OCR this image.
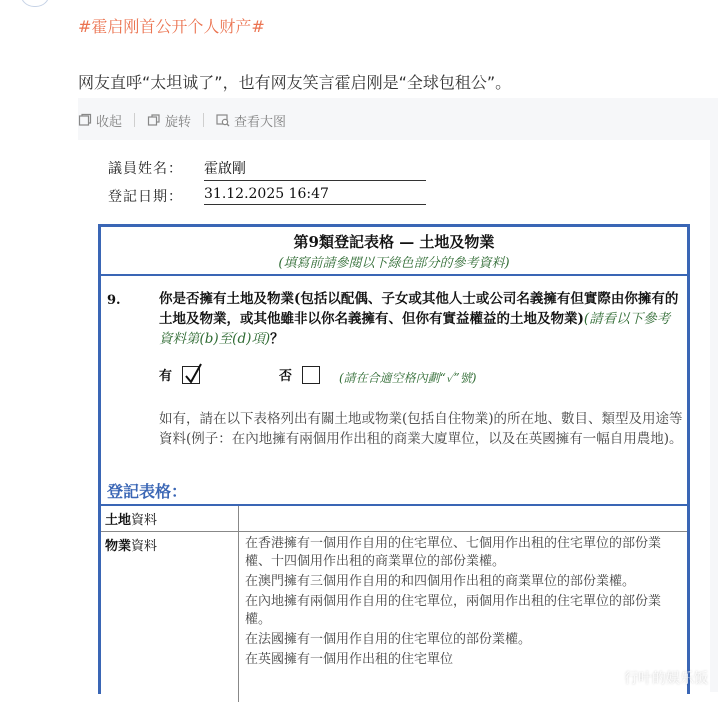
#霍启刚首公开个人财产#
网友直呼“太坦诚了”，也有网友笑言霍启刚是“全球包租公”。
收起	旋转	查看大图
議員姓名： 霍啟剛
登記日期： 31.12.2025 16:47
第9類登記表格 — 土地及物業
(填寫前請參閱以下綠色部分的參考資料)
9.	你是否擁有土地及物業(包括以配偶、子女或其他人士或公司名義擁有但實際由你擁有的土地及物業，或其他雖非以你名義擁有、但你有實益權益的土地及物業)(請看以下參考資料第(b)至(d)項)？

有	否	(請在合適空格內劃“✓”號)

如有，請在以下表格列出有關土地或物業(包括自住物業)的所在地、數目、類型及用途等資料(例子：在內地擁有兩個用作出租的商業大廈單位，以及在英國擁有一幅自用農地)。

登記表格：
土地資料
物業資料	在香港擁有一個用作自用的住宅單位、七個用作出租的住宅單位的部份業權、十四個用作出租的商業單位的部份業權。

在澳門擁有三個用作自用的和四個用作出租的商業單位的部份業權。

在內地擁有兩個用作自用的住宅單位，兩個用作出租的住宅單位的部份業權。

在法國擁有一個用作自用的住宅單位的部份業權。

在英國擁有一個用作出租的住宅單位

行叶的娱乐饭
